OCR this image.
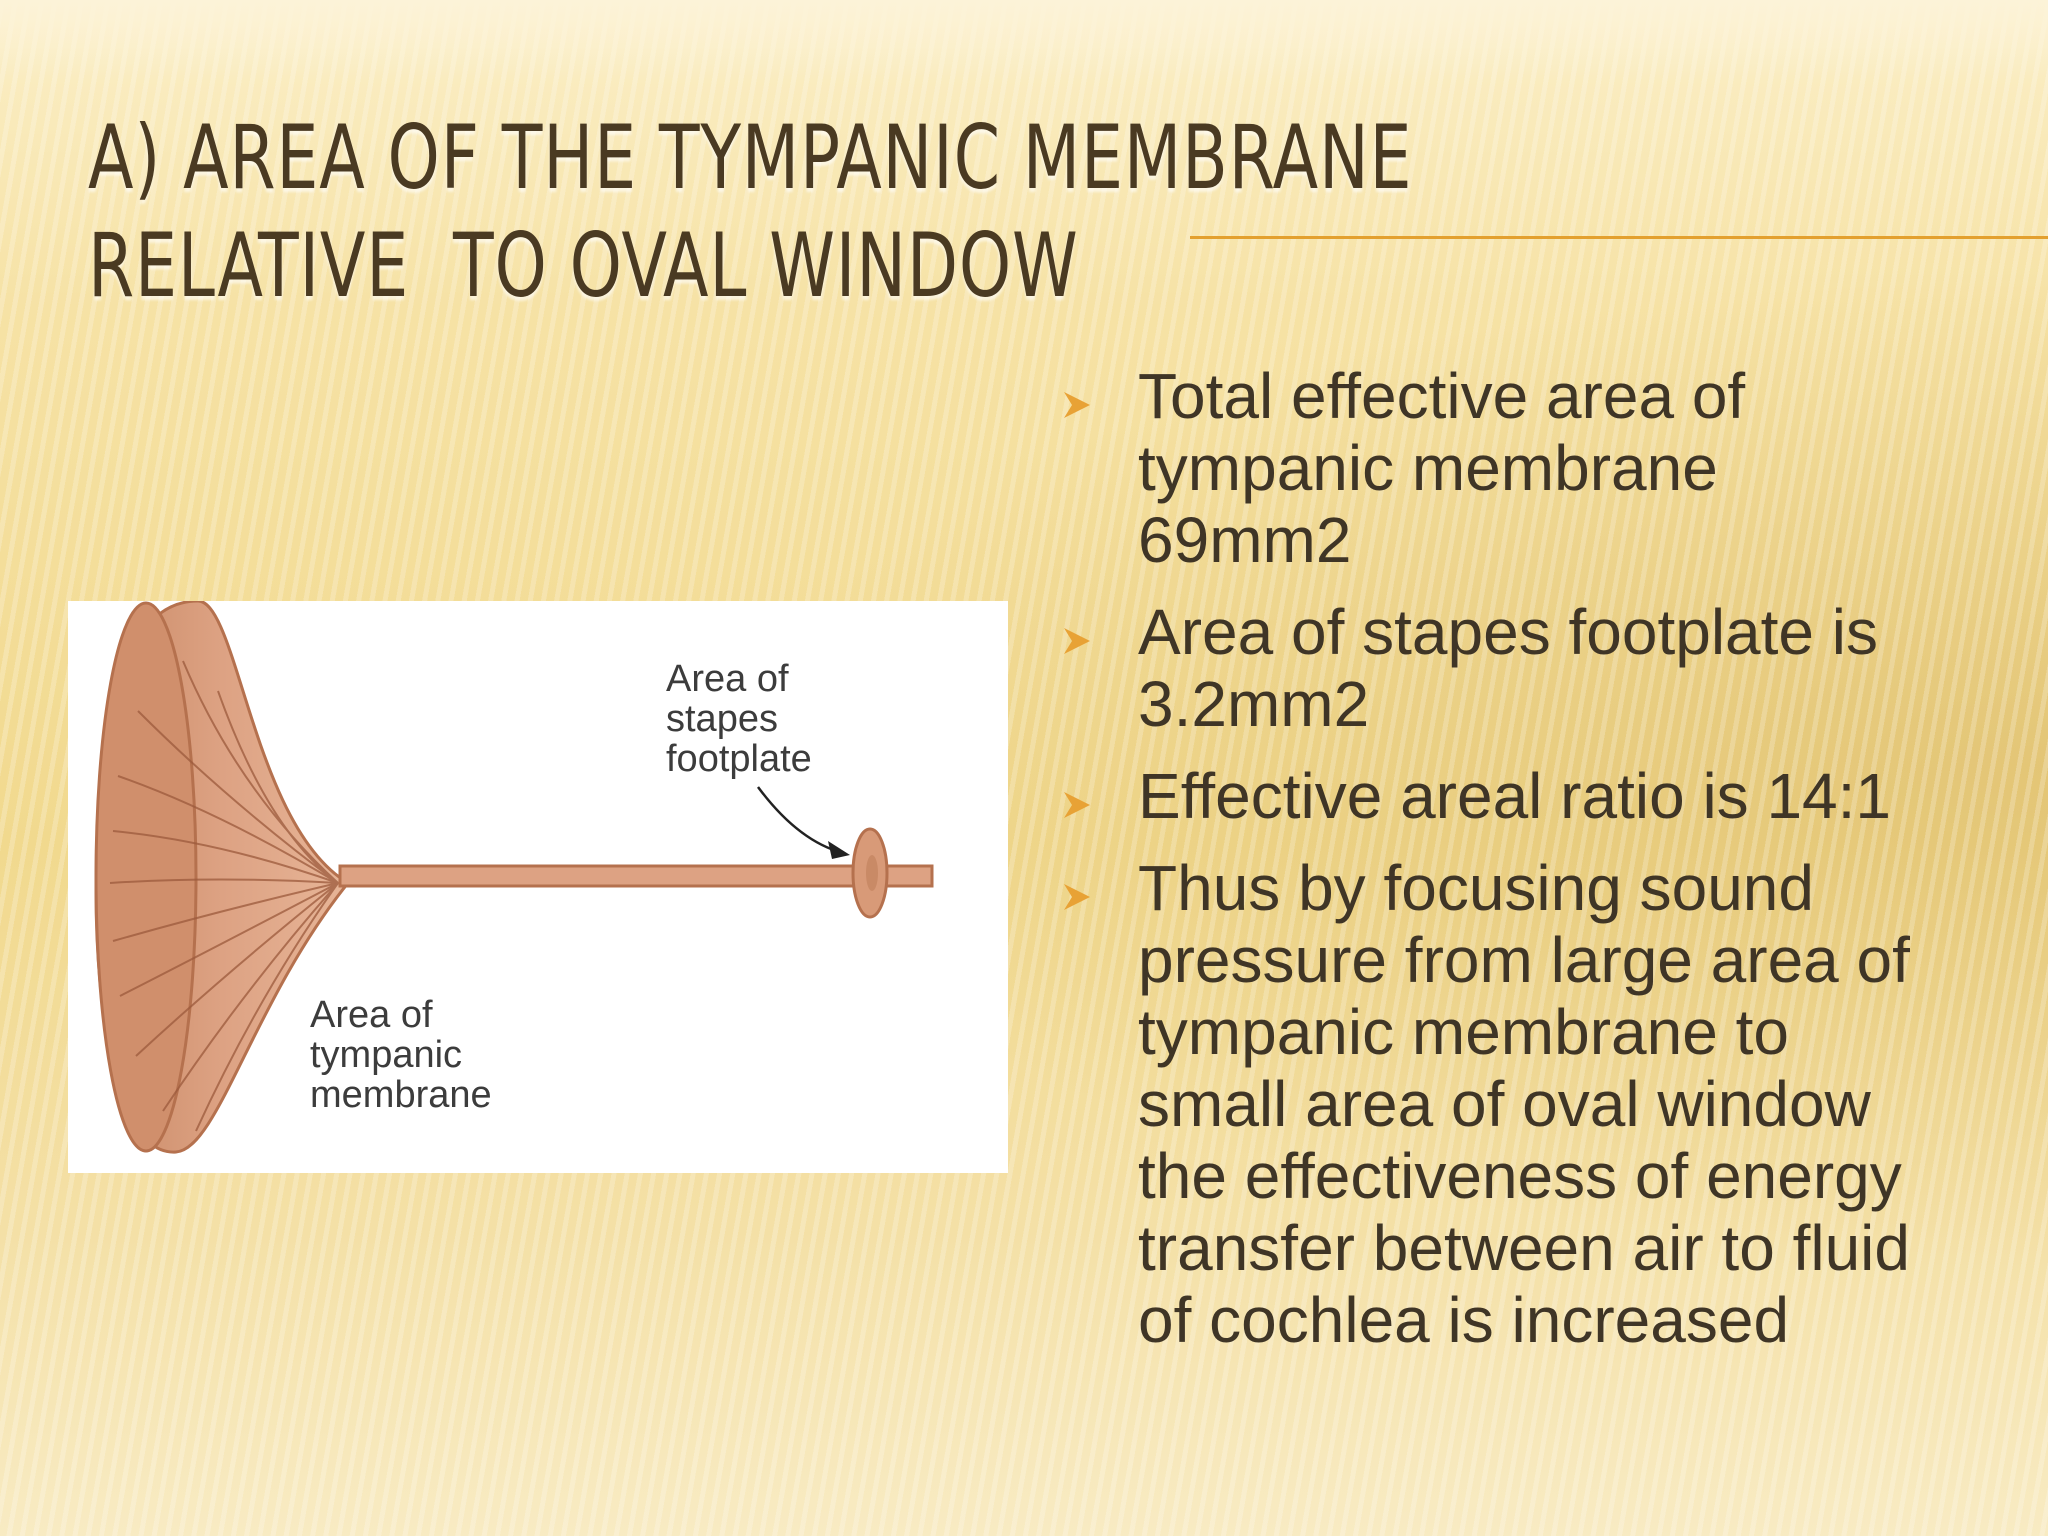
A) AREA OF THE TYMPANIC MEMBRANE
RELATIVE  TO OVAL WINDOW
Area of
stapes
footplate
Area of
tympanic
membrane
Total effective area of
tympanic membrane
69mm2
Area of stapes footplate is
3.2mm2
Effective areal ratio is 14:1
Thus by focusing sound
pressure from large area of
tympanic membrane to
small area of oval window
the effectiveness of energy
transfer between air to fluid
of cochlea is increased
